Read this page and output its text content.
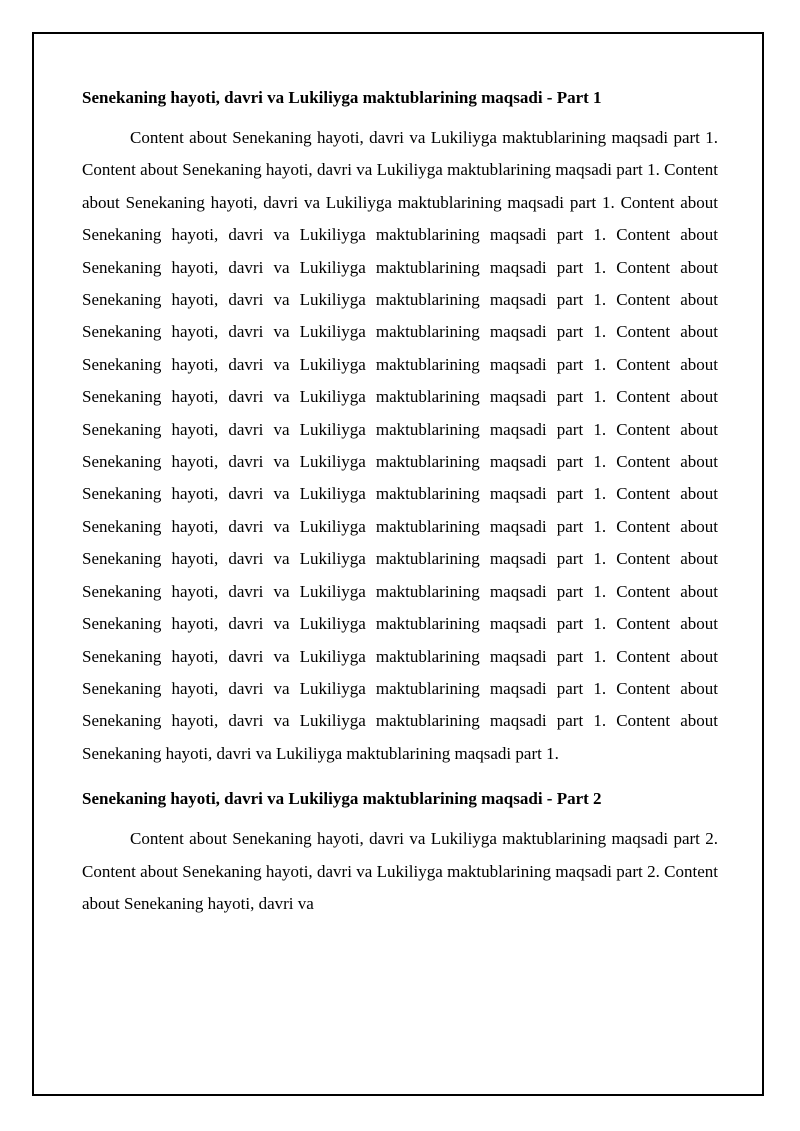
Senekaning hayoti, davri va Lukiliyga maktublarining maqsadi - Part 1

Content about Senekaning hayoti, davri va Lukiliyga maktublarining maqsadi part 1. Content about Senekaning hayoti, davri va Lukiliyga maktublarining maqsadi part 1. Content about Senekaning hayoti, davri va Lukiliyga maktublarining maqsadi part 1. Content about Senekaning hayoti, davri va Lukiliyga maktublarining maqsadi part 1. Content about Senekaning hayoti, davri va Lukiliyga maktublarining maqsadi part 1. Content about Senekaning hayoti, davri va Lukiliyga maktublarining maqsadi part 1. Content about Senekaning hayoti, davri va Lukiliyga maktublarining maqsadi part 1. Content about Senekaning hayoti, davri va Lukiliyga maktublarining maqsadi part 1. Content about Senekaning hayoti, davri va Lukiliyga maktublarining maqsadi part 1. Content about Senekaning hayoti, davri va Lukiliyga maktublarining maqsadi part 1. Content about Senekaning hayoti, davri va Lukiliyga maktublarining maqsadi part 1. Content about Senekaning hayoti, davri va Lukiliyga maktublarining maqsadi part 1. Content about Senekaning hayoti, davri va Lukiliyga maktublarining maqsadi part 1. Content about Senekaning hayoti, davri va Lukiliyga maktublarining maqsadi part 1. Content about Senekaning hayoti, davri va Lukiliyga maktublarining maqsadi part 1. Content about Senekaning hayoti, davri va Lukiliyga maktublarining maqsadi part 1. Content about Senekaning hayoti, davri va Lukiliyga maktublarining maqsadi part 1. Content about Senekaning hayoti, davri va Lukiliyga maktublarining maqsadi part 1. Content about Senekaning hayoti, davri va Lukiliyga maktublarining maqsadi part 1. Content about Senekaning hayoti, davri va Lukiliyga maktublarining maqsadi part 1.

Senekaning hayoti, davri va Lukiliyga maktublarining maqsadi - Part 2

Content about Senekaning hayoti, davri va Lukiliyga maktublarining maqsadi part 2. Content about Senekaning hayoti, davri va Lukiliyga maktublarining maqsadi part 2. Content about Senekaning hayoti, davri va
